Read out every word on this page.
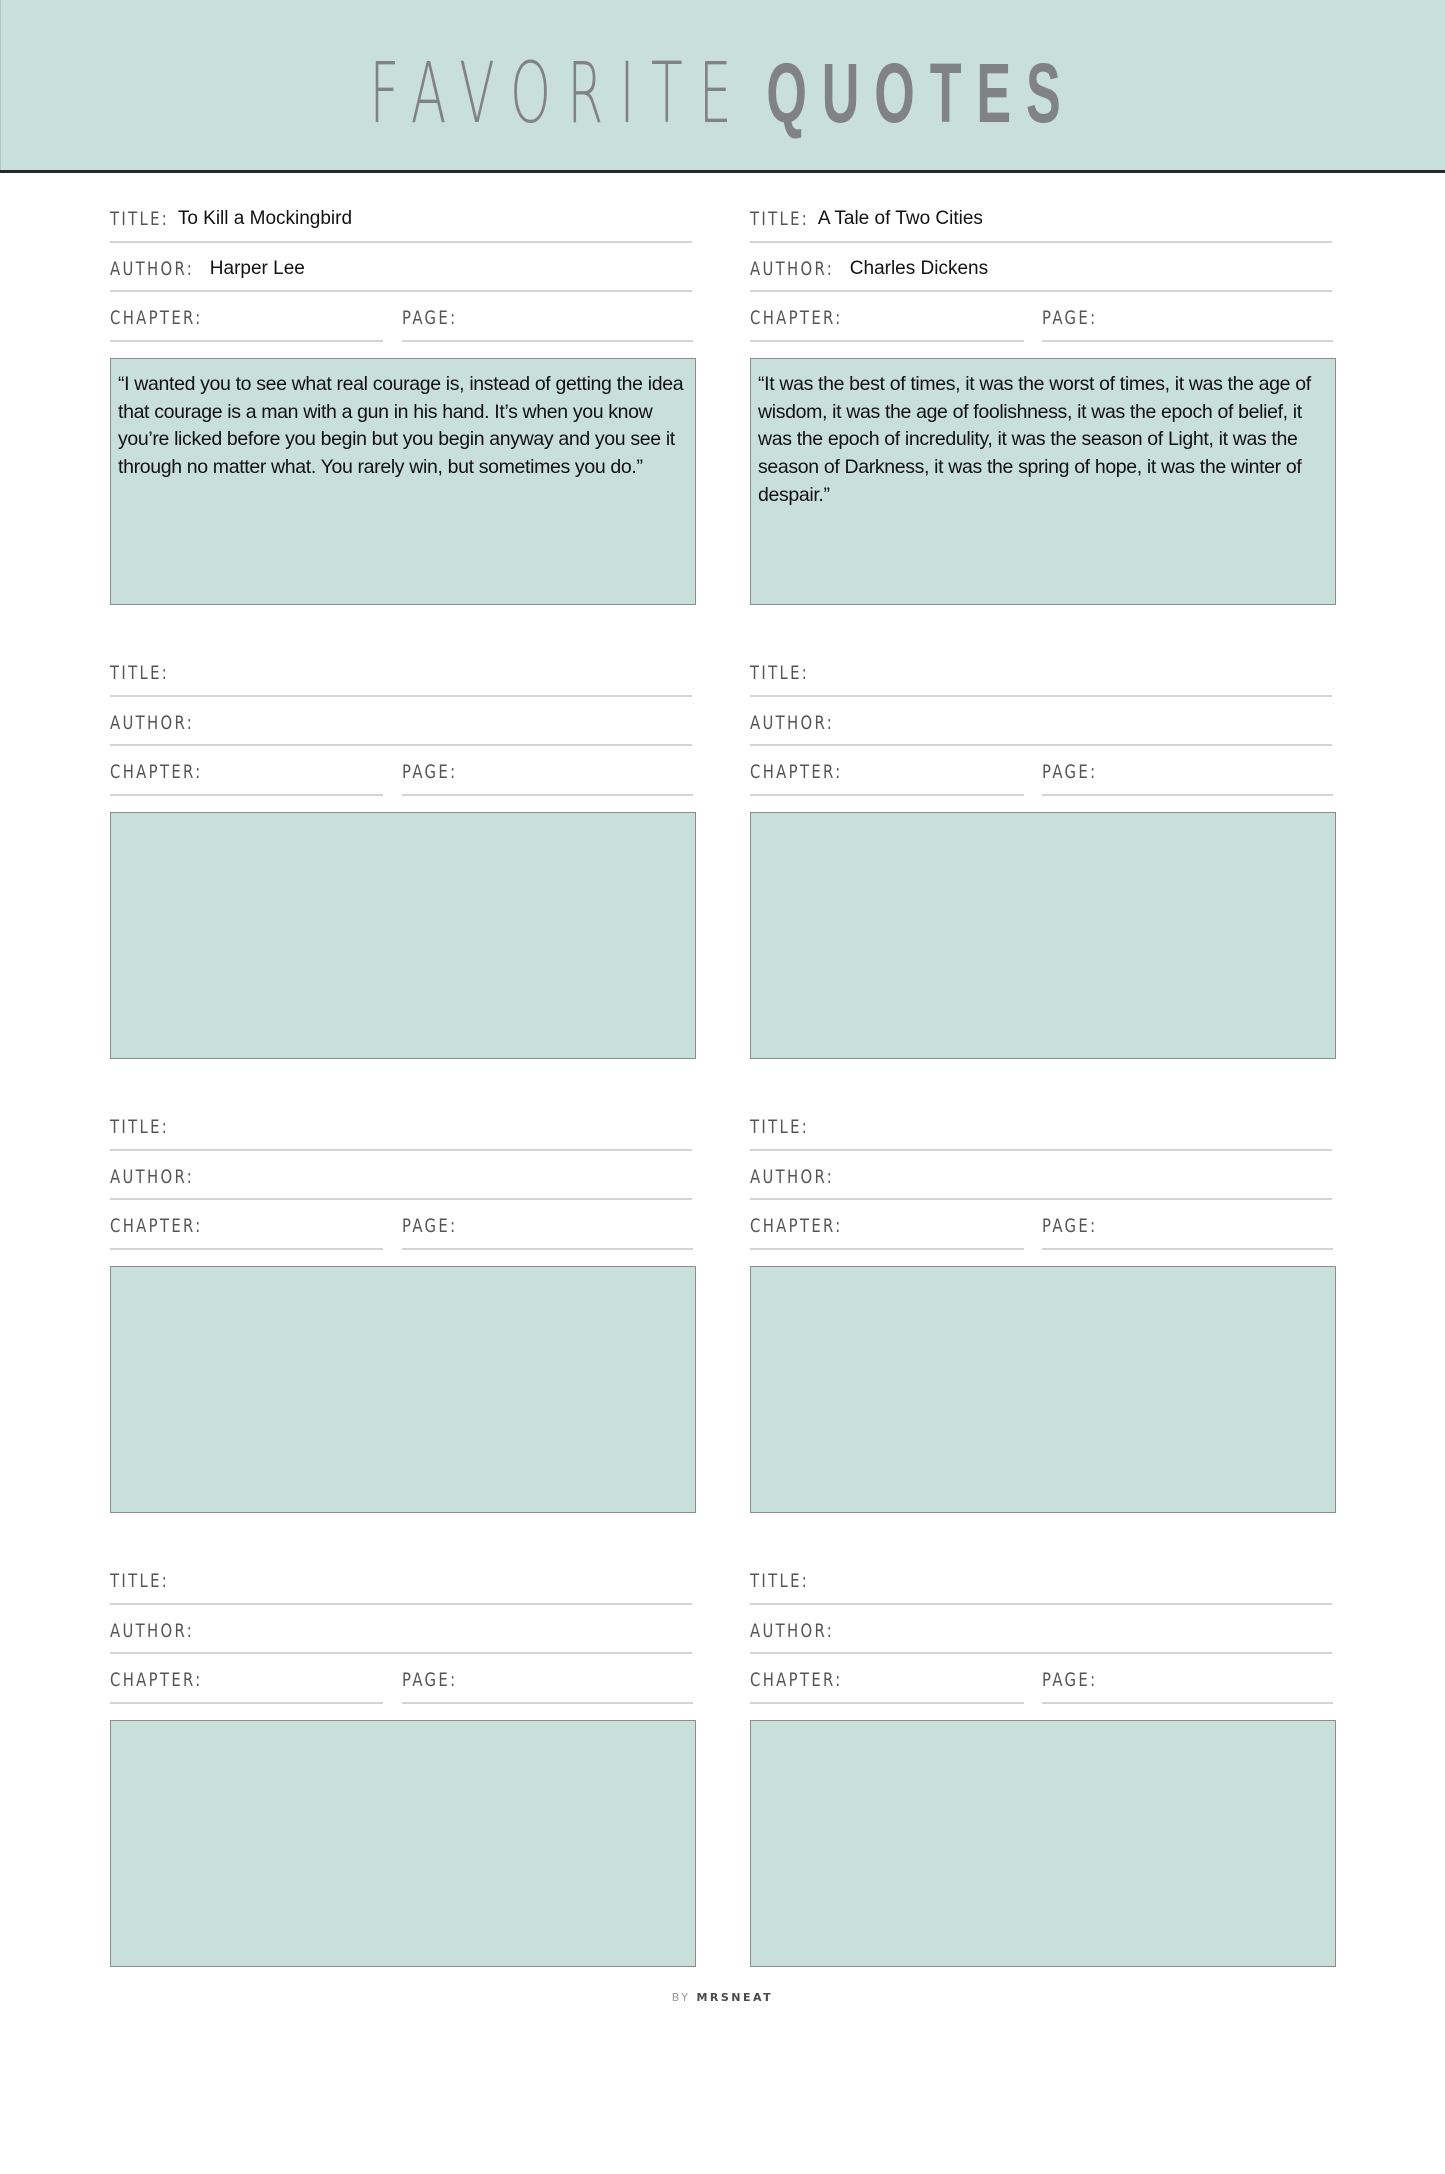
FAVORITE QUOTES
TITLE: To Kill a Mockingbird
AUTHOR: Harper Lee
CHAPTER:	PAGE:
“I wanted you to see what real courage is, instead of getting the idea that courage is a man with a gun in his hand. It’s when you know you’re licked before you begin but you begin anyway and you see it through no matter what. You rarely win, but sometimes you do.”
TITLE: A Tale of Two Cities
AUTHOR: Charles Dickens
CHAPTER:	PAGE:
“It was the best of times, it was the worst of times, it was the age of wisdom, it was the age of foolishness, it was the epoch of belief, it was the epoch of incredulity, it was the season of Light, it was the season of Darkness, it was the spring of hope, it was the winter of despair.”
TITLE:
AUTHOR:
CHAPTER:	PAGE:
TITLE:
AUTHOR:
CHAPTER:	PAGE:
TITLE:
AUTHOR:
CHAPTER:	PAGE:
TITLE:
AUTHOR:
CHAPTER:	PAGE:
TITLE:
AUTHOR:
CHAPTER:	PAGE:
TITLE:
AUTHOR:
CHAPTER:	PAGE:
BY MRSNEAT
